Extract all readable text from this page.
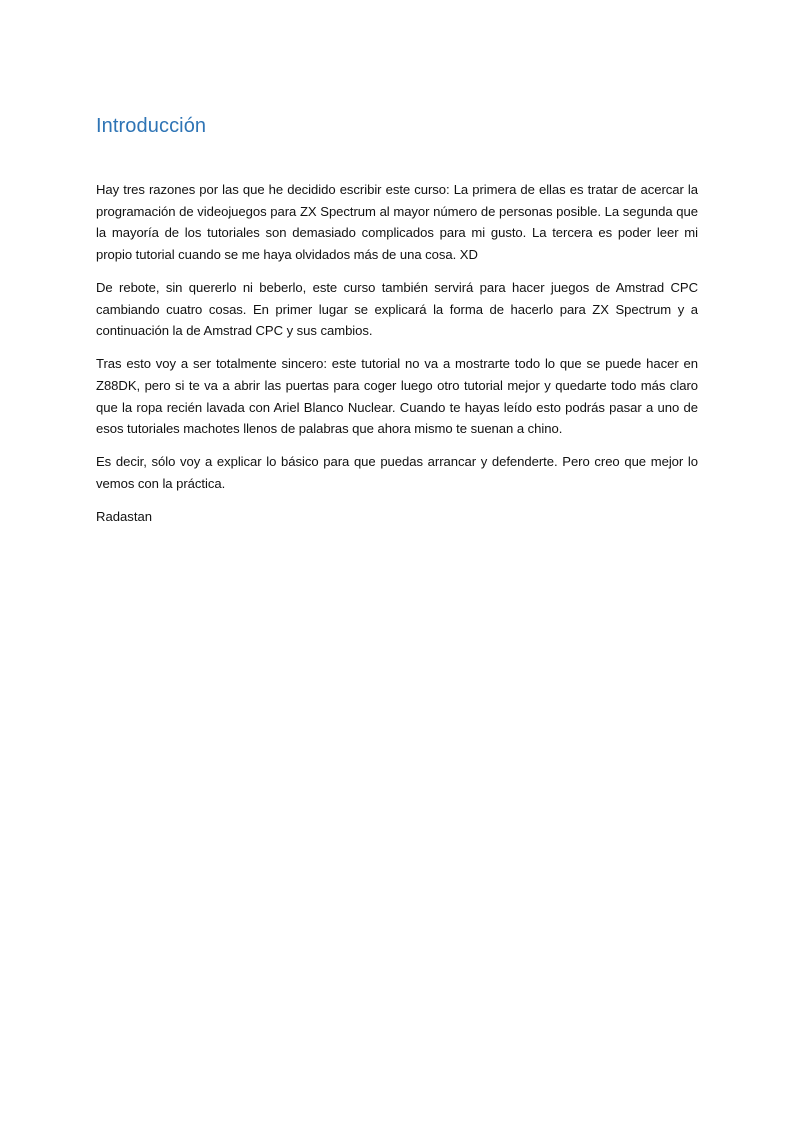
Introducción

Hay tres razones por las que he decidido escribir este curso: La primera de ellas es tratar de acercar la programación de videojuegos para ZX Spectrum al mayor número de personas posible. La segunda que la mayoría de los tutoriales son demasiado complicados para mi gusto. La tercera es poder leer mi propio tutorial cuando se me haya olvidados más de una cosa. XD

De rebote, sin quererlo ni beberlo, este curso también servirá para hacer juegos de Amstrad CPC cambiando cuatro cosas. En primer lugar se explicará la forma de hacerlo para ZX Spectrum y a continuación la de Amstrad CPC y sus cambios.

Tras esto voy a ser totalmente sincero: este tutorial no va a mostrarte todo lo que se puede hacer en Z88DK, pero si te va a abrir las puertas para coger luego otro tutorial mejor y quedarte todo más claro que la ropa recién lavada con Ariel Blanco Nuclear. Cuando te hayas leído esto podrás pasar a uno de esos tutoriales machotes llenos de palabras que ahora mismo te suenan a chino.

Es decir, sólo voy a explicar lo básico para que puedas arrancar y defenderte. Pero creo que mejor lo vemos con la práctica.

Radastan
